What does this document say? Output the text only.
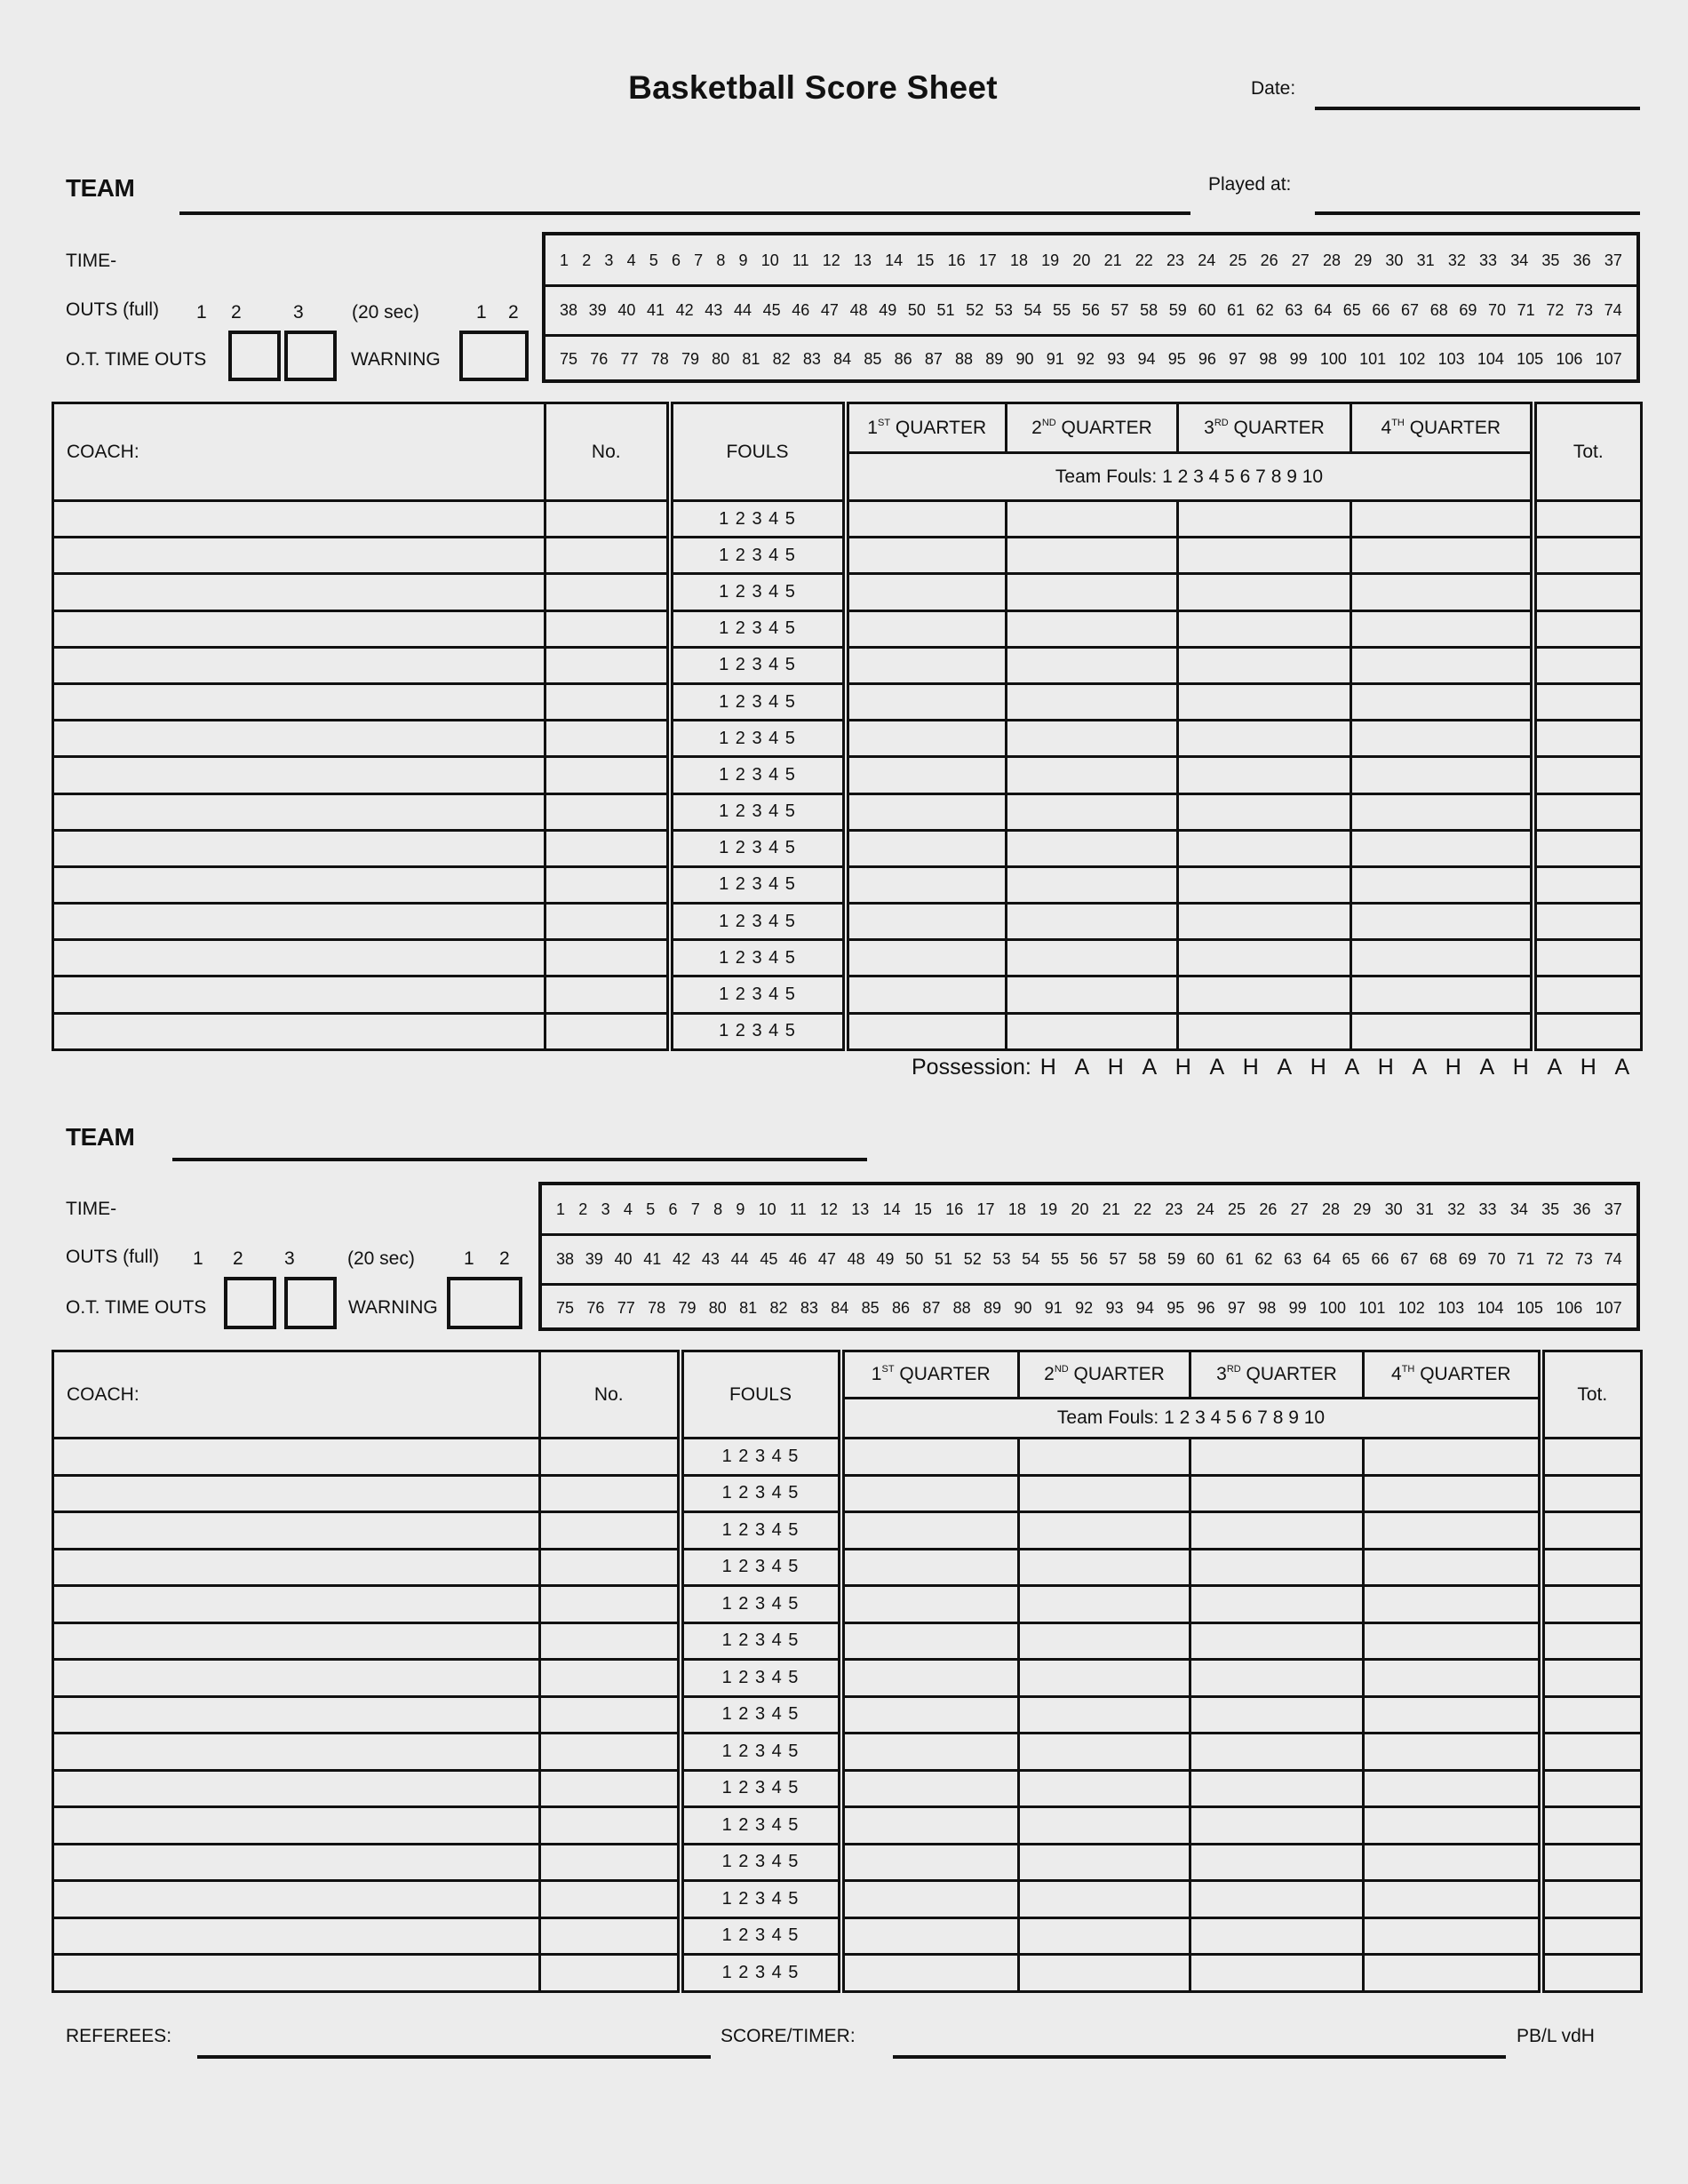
Basketball Score Sheet	Date:
TEAM	Played at:
TIME-
OUTS (full) 1 2	3	(20 sec)	1 2
O.T. TIME OUTS	WARNING
1 2 3 4 5 6 7 8 9 10 11 12 13 14 15 16 17 18 19 20 21 22 23 24 25 26 27 28 29 30 31 32 33 34 35 36 37
38 39 40 41 42 43 44 45 46 47 48 49 50 51 52 53 54 55 56 57 58 59 60 61 62 63 64 65 66 67 68 69 70 71 72 73 74
75 76 77 78 79 80 81 82 83 84 85 86 87 88 89 90 91 92 93 94 95 96 97 98 99 100 101 102 103 104 105 106 107
COACH:	No.	FOULS	1ST QUARTER	2ND QUARTER	3RD QUARTER	4TH QUARTER	Tot.
			Team Fouls: 1 2 3 4 5 6 7 8 9 10				
		1 2 3 4 5					
		1 2 3 4 5					
		1 2 3 4 5					
		1 2 3 4 5					
		1 2 3 4 5					
		1 2 3 4 5					
		1 2 3 4 5					
		1 2 3 4 5					
		1 2 3 4 5					
		1 2 3 4 5					
		1 2 3 4 5					
		1 2 3 4 5					
		1 2 3 4 5					
		1 2 3 4 5					
		1 2 3 4 5					
Possession: H A H A H A H A H A H A H A H A H A
TEAM
TIME-
OUTS (full) 1 2 3	(20 sec)	1 2
O.T. TIME OUTS	WARNING
1 2 3 4 5 6 7 8 9 10 11 12 13 14 15 16 17 18 19 20 21 22 23 24 25 26 27 28 29 30 31 32 33 34 35 36 37
38 39 40 41 42 43 44 45 46 47 48 49 50 51 52 53 54 55 56 57 58 59 60 61 62 63 64 65 66 67 68 69 70 71 72 73 74
75 76 77 78 79 80 81 82 83 84 85 86 87 88 89 90 91 92 93 94 95 96 97 98 99 100 101 102 103 104 105 106 107
COACH:	No.	FOULS	1ST QUARTER	2ND QUARTER	3RD QUARTER	4TH QUARTER	Tot.
			Team Fouls: 1 2 3 4 5 6 7 8 9 10				
		1 2 3 4 5					
		1 2 3 4 5					
		1 2 3 4 5					
		1 2 3 4 5					
		1 2 3 4 5					
		1 2 3 4 5					
		1 2 3 4 5					
		1 2 3 4 5					
		1 2 3 4 5					
		1 2 3 4 5					
		1 2 3 4 5					
		1 2 3 4 5					
		1 2 3 4 5					
		1 2 3 4 5					
		1 2 3 4 5					
REFEREES:	SCORE/TIMER:	PB/L vdH
